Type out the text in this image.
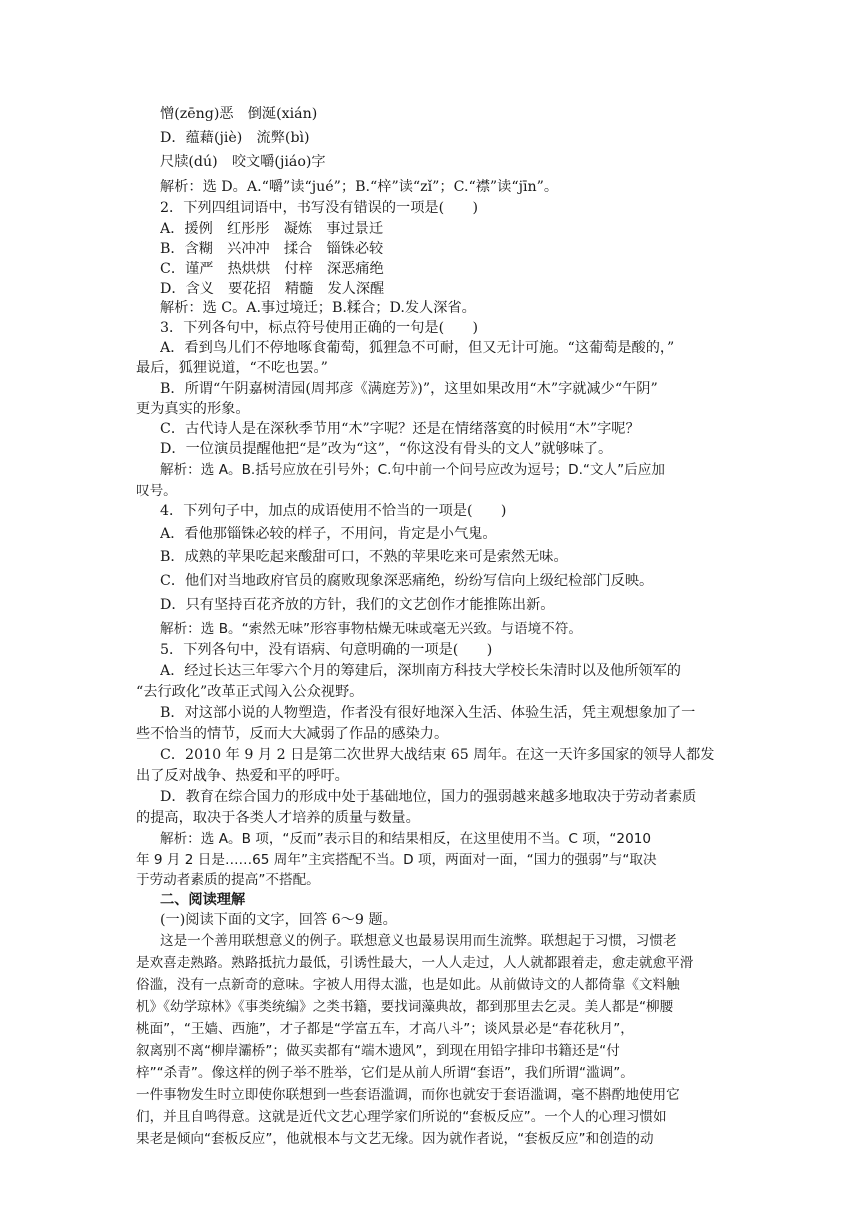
憎(zēng)恶　倒涎(xián)
D．蕴藉(jiè)　流弊(bì)
尺牍(dú)　咬文嚼(jiáo)字
解析：选 D。A.“嚼”读“jué”；B.“梓”读“zǐ”；C.“襟”读“jīn”。
2．下列四组词语中，书写没有错误的一项是(　　)
A．援例　红彤彤　凝炼　事过景迁
B．含糊　兴冲冲　揉合　锱铢必较
C．谨严　热烘烘　付梓　深恶痛绝
D．含义　要花招　精髓　发人深醒
解析：选 C。A.事过境迁；B.糅合；D.发人深省。
3．下列各句中，标点符号使用正确的一句是(　　)
A．看到鸟儿们不停地啄食葡萄，狐狸急不可耐，但又无计可施。“这葡萄是酸的，”
最后，狐狸说道，“不吃也罢。”
B．所谓“午阴嘉树清园(周邦彦《满庭芳》)”，这里如果改用“木”字就减少“午阴”
更为真实的形象。
C．古代诗人是在深秋季节用“木”字呢？还是在情绪落寞的时候用“木”字呢？
D．一位演员提醒他把“是”改为“这”，“你这没有骨头的文人”就够味了。
解析：选 A。B.括号应放在引号外；C.句中前一个问号应改为逗号；D.“文人”后应加
叹号。
4．下列句子中，加点的成语使用不恰当的一项是(　　)
A．看他那锱铢必较的样子，不用问，肯定是小气鬼。
B．成熟的苹果吃起来酸甜可口，不熟的苹果吃来可是索然无味。
C．他们对当地政府官员的腐败现象深恶痛绝，纷纷写信向上级纪检部门反映。
D．只有坚持百花齐放的方针，我们的文艺创作才能推陈出新。
解析：选 B。“索然无味”形容事物枯燥无味或毫无兴致。与语境不符。
5．下列各句中，没有语病、句意明确的一项是(　　)
A．经过长达三年零六个月的筹建后，深圳南方科技大学校长朱清时以及他所领军的
“去行政化”改革正式闯入公众视野。
B．对这部小说的人物塑造，作者没有很好地深入生活、体验生活，凭主观想象加了一
些不恰当的情节，反而大大减弱了作品的感染力。
C．2010 年 9 月 2 日是第二次世界大战结束 65 周年。在这一天许多国家的领导人都发
出了反对战争、热爱和平的呼吁。
D．教育在综合国力的形成中处于基础地位，国力的强弱越来越多地取决于劳动者素质
的提高，取决于各类人才培养的质量与数量。
解析：选 A。B 项，“反而”表示目的和结果相反，在这里使用不当。C 项，“2010
年 9 月 2 日是……65 周年”主宾搭配不当。D 项，两面对一面，“国力的强弱”与“取决
于劳动者素质的提高”不搭配。
二、阅读理解
(一)阅读下面的文字，回答 6～9 题。
这是一个善用联想意义的例子。联想意义也最易误用而生流弊。联想起于习惯，习惯老
是欢喜走熟路。熟路抵抗力最低，引诱性最大，一人人走过，人人就都跟着走，愈走就愈平滑
俗滥，没有一点新奇的意味。字被人用得太滥，也是如此。从前做诗文的人都倚靠《文料触
机》《幼学琼林》《事类统编》之类书籍，要找词藻典故，都到那里去乞灵。美人都是“柳腰
桃面”，“王嫱、西施”，才子都是“学富五车，才高八斗”；谈风景必是“春花秋月”，
叙离别不离“柳岸灞桥”；做买卖都有“端木遗风”，到现在用铅字排印书籍还是“付
梓”“杀青”。像这样的例子举不胜举，它们是从前人所谓“套语”，我们所谓“滥调”。
一件事物发生时立即使你联想到一些套语滥调，而你也就安于套语滥调，毫不斟酌地使用它
们，并且自鸣得意。这就是近代文艺心理学家们所说的“套板反应”。一个人的心理习惯如
果老是倾向“套板反应”，他就根本与文艺无缘。因为就作者说，“套板反应”和创造的动
